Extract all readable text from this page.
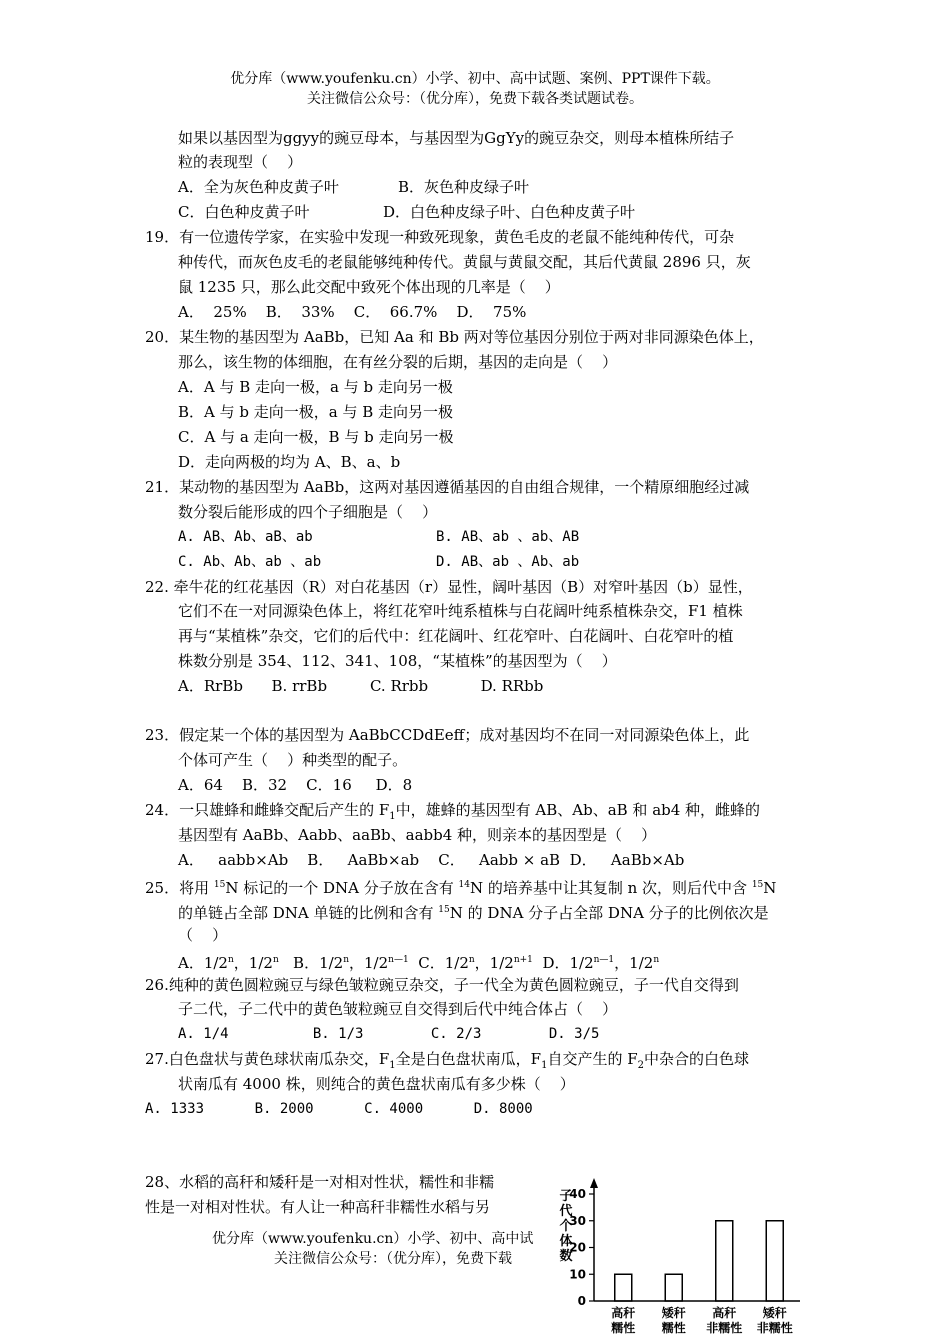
优分库（www.youfenku.cn）小学、初中、高中试题、案例、PPT课件下载。
关注微信公众号：（优分库），免费下载各类试题试卷。
如果以基因型为ggyy的豌豆母本，与基因型为GgYy的豌豆杂交，则母本植株所结子
粒的表现型（    ）
A．全为灰色种皮黄子叶	B．灰色种皮绿子叶
C．白色种皮黄子叶	D．白色种皮绿子叶、白色种皮黄子叶
19．有一位遗传学家，在实验中发现一种致死现象，黄色毛皮的老鼠不能纯种传代，可杂
种传代，而灰色皮毛的老鼠能够纯种传代。黄鼠与黄鼠交配，其后代黄鼠 2896 只，灰
鼠 1235 只，那么此交配中致死个体出现的几率是（    ）
A．  25%    B．  33%    C．  66.7%    D．  75%
20．某生物的基因型为 AaBb，已知 Aa 和 Bb 两对等位基因分别位于两对非同源染色体上，
那么，该生物的体细胞，在有丝分裂的后期，基因的走向是（    ）
A．A 与 B 走向一极，a 与 b 走向另一极
B．A 与 b 走向一极，a 与 B 走向另一极
C．A 与 a 走向一极，B 与 b 走向另一极
D．走向两极的均为 A、B、a、b
21．某动物的基因型为 AaBb，这两对基因遵循基因的自由组合规律，一个精原细胞经过减
数分裂后能形成的四个子细胞是（    ）
A. AB、Ab、aB、ab	B. AB、ab 、ab、AB
C. Ab、Ab、ab 、ab	D. AB、ab 、Ab、ab
22. 牵牛花的红花基因（R）对白花基因（r）显性，阔叶基因（B）对窄叶基因（b）显性，
它们不在一对同源染色体上，将红花窄叶纯系植株与白花阔叶纯系植株杂交，F1 植株
再与“某植株”杂交，它们的后代中：红花阔叶、红花窄叶、白花阔叶、白花窄叶的植
株数分别是 354、112、341、108，“某植株”的基因型为（    ）
A．RrBb      B. rrBb         C. Rrbb           D. RRbb
23．假定某一个体的基因型为 AaBbCCDdEeff；成对基因均不在同一对同源染色体上，此
个体可产生（    ）种类型的配子。
A．64    B．32    C．16     D．8
24．一只雄蜂和雌蜂交配后产生的 $F_1$中，雄蜂的基因型有 AB、Ab、aB 和 ab4 种，雌蜂的
基因型有 AaBb、Aabb、aaBb、aabb4 种，则亲本的基因型是（    ）
A．   aabb×Ab    B．   AaBb×ab    C．   Aabb × aB  D．   AaBb×Ab
25．将用 $^{15}$N 标记的一个 DNA 分子放在含有 $^{14}$N 的培养基中让其复制 n 次，则后代中含 $^{15}$N
的单链占全部 DNA 单链的比例和含有 $^{15}$N 的 DNA 分子占全部 DNA 分子的比例依次是
（    ）
A．1/2$^n$，1/2$^n$ B．1/2$^n$，$1/2^{n—1}$ C．1/2$^n$，$1/2^{n+1}$ D．$1/2^{n—1}$，1/2$^n$
26.纯种的黄色圆粒豌豆与绿色皱粒豌豆杂交，子一代全为黄色圆粒豌豆，子一代自交得到
子二代，子二代中的黄色皱粒豌豆自交得到后代中纯合体占（    ）
A. 1/4          B. 1/3        C. 2/3        D. 3/5
27.白色盘状与黄色球状南瓜杂交，$F_1$全是白色盘状南瓜，$F_1$自交产生的 $F_2$中杂合的白色球
状南瓜有 4000 株，则纯合的黄色盘状南瓜有多少株（    ）
A. 1333      B. 2000      C. 4000      D. 8000
28、水稻的高秆和矮秆是一对相对性状，糯性和非糯
性是一对相对性状。有人让一种高秆非糯性水稻与另
优分库（www.youfenku.cn）小学、初中、高中试
关注微信公众号：（优分库），免费下载
子
代
个
体
数
0
10
20
30
40
高秆
糯性
矮秆
糯性
高秆
非糯性
矮秆
非糯性
